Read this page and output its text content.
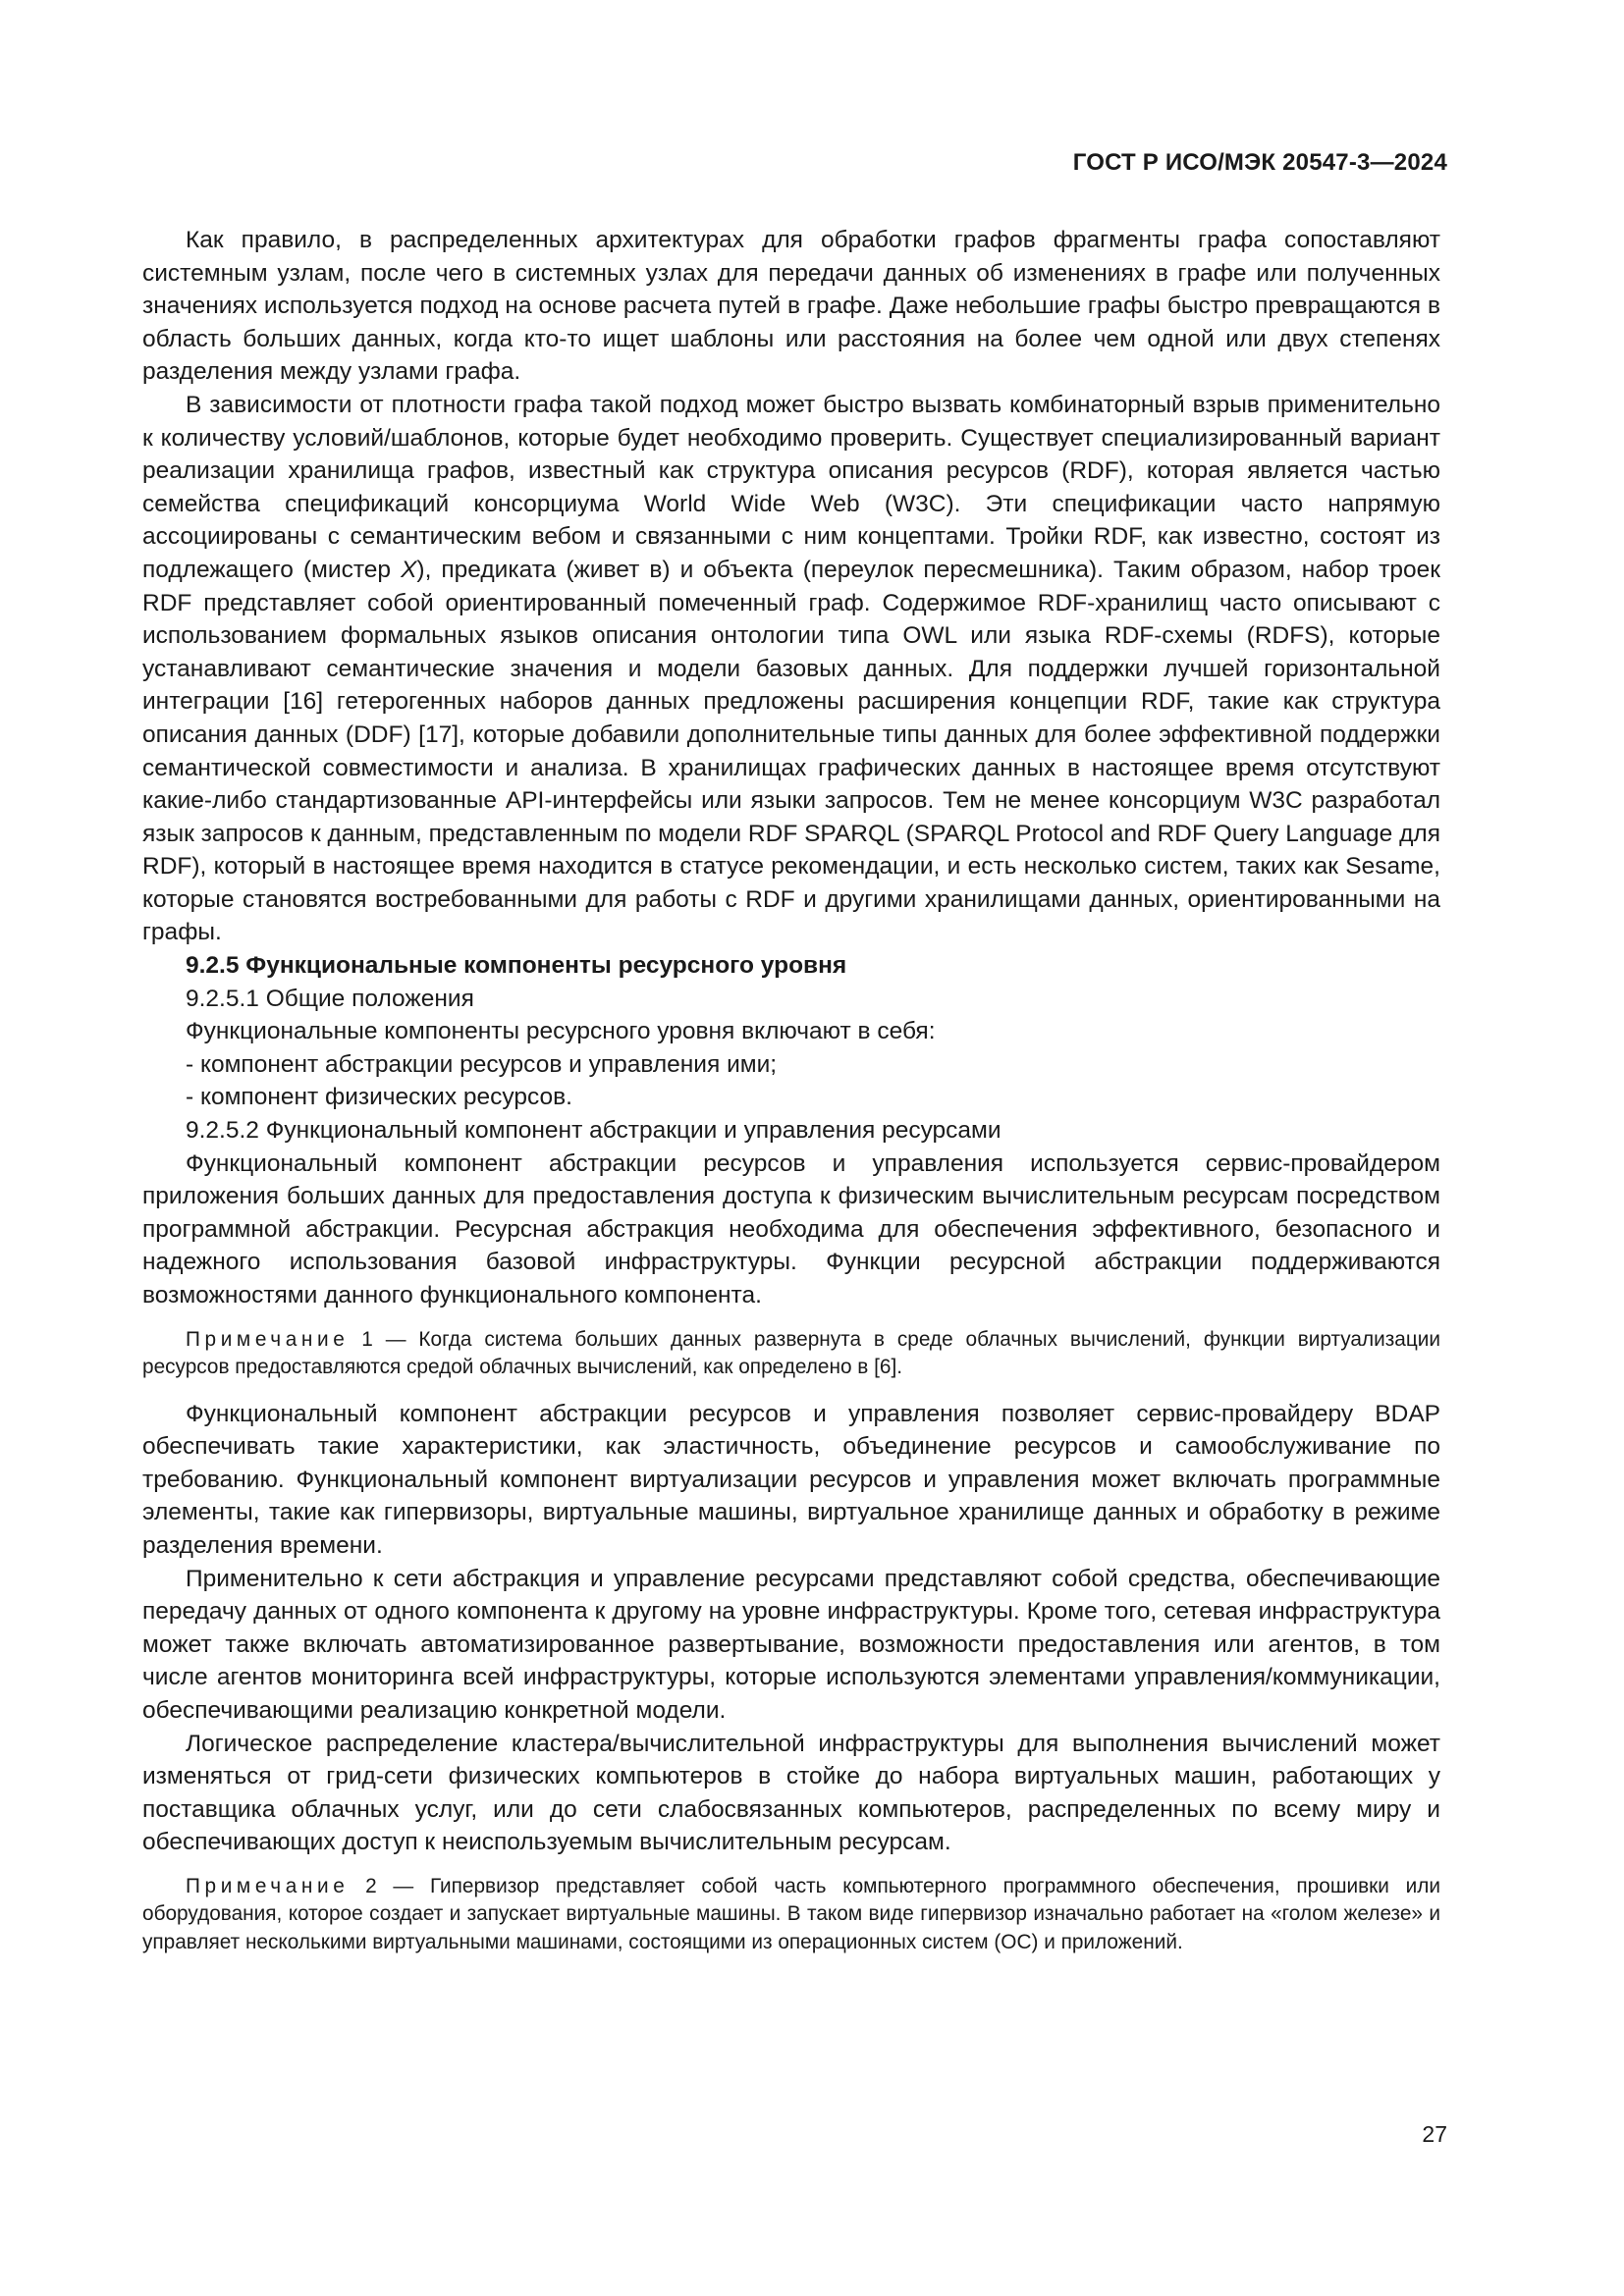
ГОСТ Р ИСО/МЭК 20547-3—2024

Как правило, в распределенных архитектурах для обработки графов фрагменты графа сопоставляют системным узлам, после чего в системных узлах для передачи данных об изменениях в графе или полученных значениях используется подход на основе расчета путей в графе. Даже небольшие графы быстро превращаются в область больших данных, когда кто-то ищет шаблоны или расстояния на более чем одной или двух степенях разделения между узлами графа.

В зависимости от плотности графа такой подход может быстро вызвать комбинаторный взрыв применительно к количеству условий/шаблонов, которые будет необходимо проверить. Существует специализированный вариант реализации хранилища графов, известный как структура описания ресурсов (RDF), которая является частью семейства спецификаций консорциума World Wide Web (W3C). Эти спецификации часто напрямую ассоциированы с семантическим вебом и связанными с ним концептами. Тройки RDF, как известно, состоят из подлежащего (мистер X), предиката (живет в) и объекта (переулок пересмешника). Таким образом, набор троек RDF представляет собой ориентированный помеченный граф. Содержимое RDF-хранилищ часто описывают с использованием формальных языков описания онтологии типа OWL или языка RDF-схемы (RDFS), которые устанавливают семантические значения и модели базовых данных. Для поддержки лучшей горизонтальной интеграции [16] гетерогенных наборов данных предложены расширения концепции RDF, такие как структура описания данных (DDF) [17], которые добавили дополнительные типы данных для более эффективной поддержки семантической совместимости и анализа. В хранилищах графических данных в настоящее время отсутствуют какие-либо стандартизованные API-интерфейсы или языки запросов. Тем не менее консорциум W3C разработал язык запросов к данным, представленным по модели RDF SPARQL (SPARQL Protocol and RDF Query Language для RDF), который в настоящее время находится в статусе рекомендации, и есть несколько систем, таких как Sesame, которые становятся востребованными для работы с RDF и другими хранилищами данных, ориентированными на графы.

9.2.5 Функциональные компоненты ресурсного уровня

9.2.5.1 Общие положения

Функциональные компоненты ресурсного уровня включают в себя:

- компонент абстракции ресурсов и управления ими;

- компонент физических ресурсов.

9.2.5.2 Функциональный компонент абстракции и управления ресурсами

Функциональный компонент абстракции ресурсов и управления используется сервис-провайдером приложения больших данных для предоставления доступа к физическим вычислительным ресурсам посредством программной абстракции. Ресурсная абстракция необходима для обеспечения эффективного, безопасного и надежного использования базовой инфраструктуры. Функции ресурсной абстракции поддерживаются возможностями данного функционального компонента.

Примечание 1 — Когда система больших данных развернута в среде облачных вычислений, функции виртуализации ресурсов предоставляются средой облачных вычислений, как определено в [6].

Функциональный компонент абстракции ресурсов и управления позволяет сервис-провайдеру BDAP обеспечивать такие характеристики, как эластичность, объединение ресурсов и самообслуживание по требованию. Функциональный компонент виртуализации ресурсов и управления может включать программные элементы, такие как гипервизоры, виртуальные машины, виртуальное хранилище данных и обработку в режиме разделения времени.

Применительно к сети абстракция и управление ресурсами представляют собой средства, обеспечивающие передачу данных от одного компонента к другому на уровне инфраструктуры. Кроме того, сетевая инфраструктура может также включать автоматизированное развертывание, возможности предоставления или агентов, в том числе агентов мониторинга всей инфраструктуры, которые используются элементами управления/коммуникации, обеспечивающими реализацию конкретной модели.

Логическое распределение кластера/вычислительной инфраструктуры для выполнения вычислений может изменяться от грид-сети физических компьютеров в стойке до набора виртуальных машин, работающих у поставщика облачных услуг, или до сети слабосвязанных компьютеров, распределенных по всему миру и обеспечивающих доступ к неиспользуемым вычислительным ресурсам.

Примечание 2 — Гипервизор представляет собой часть компьютерного программного обеспечения, прошивки или оборудования, которое создает и запускает виртуальные машины. В таком виде гипервизор изначально работает на «голом железе» и управляет несколькими виртуальными машинами, состоящими из операционных систем (ОС) и приложений.

27
